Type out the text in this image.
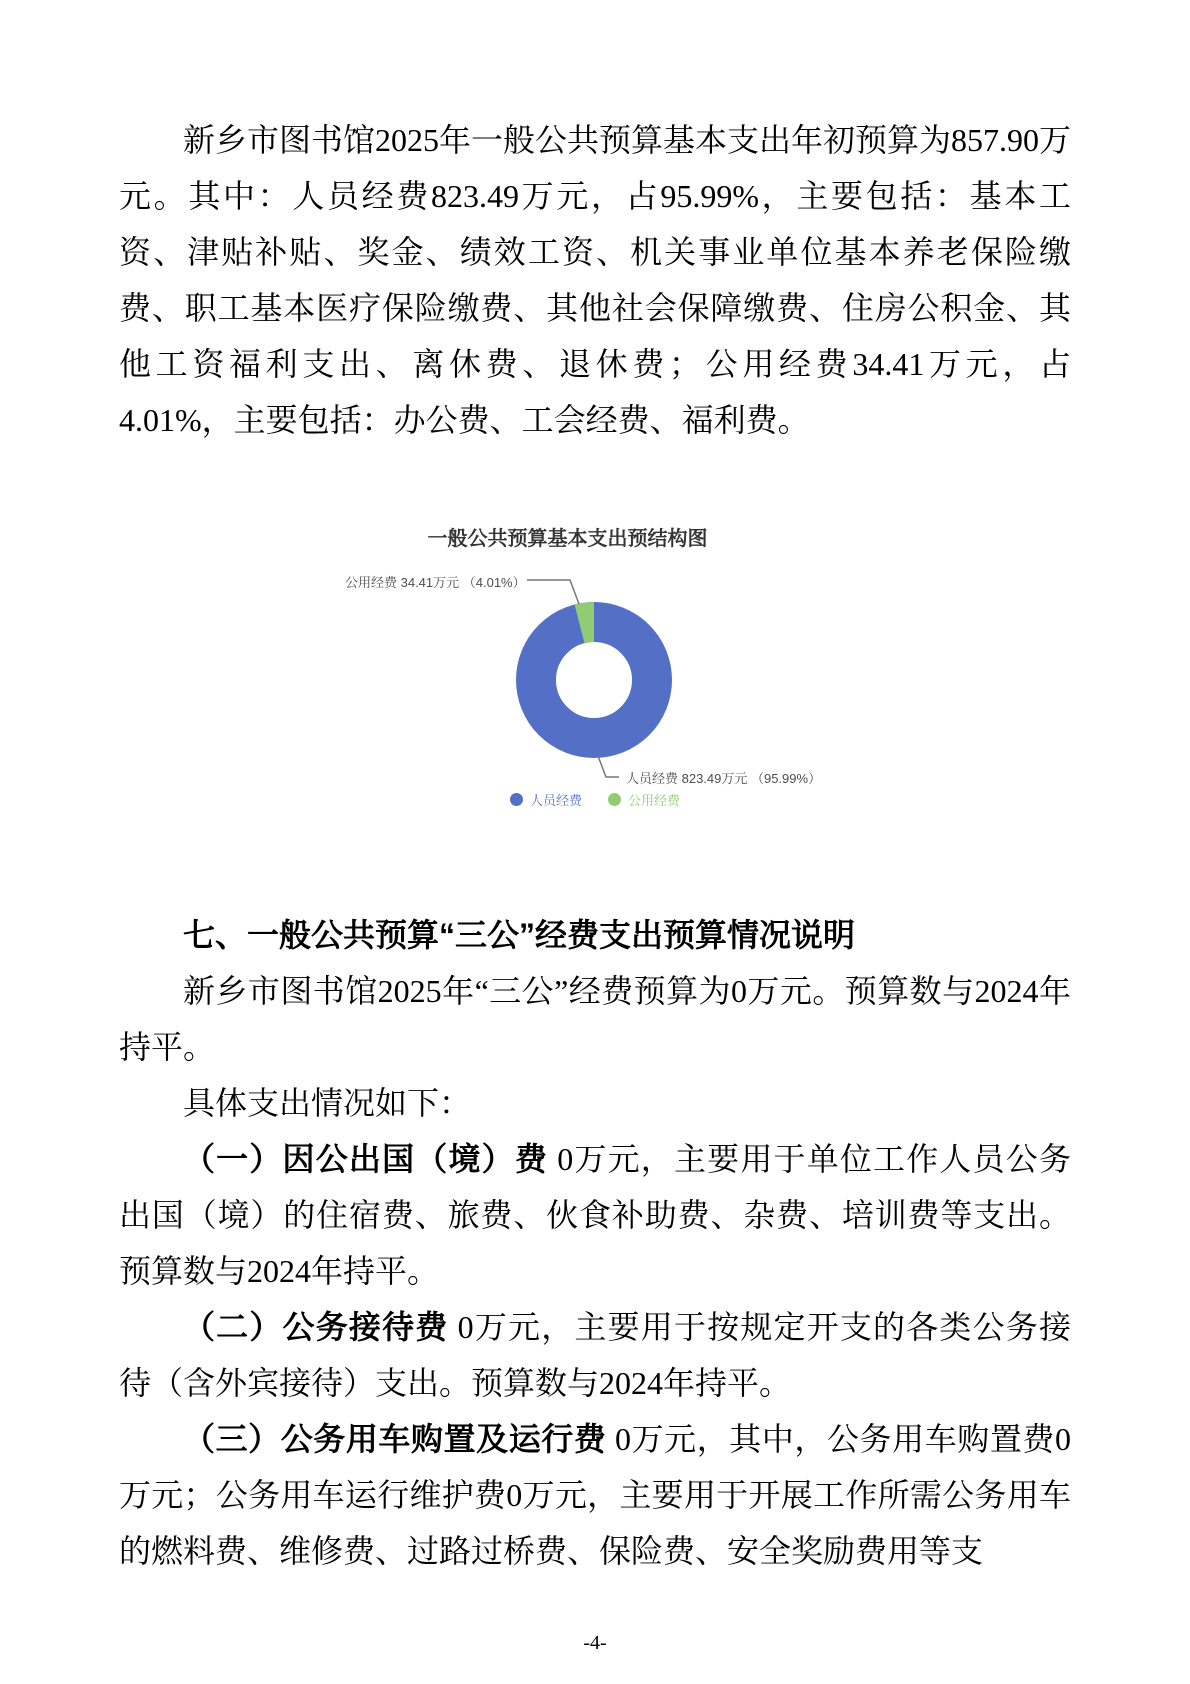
新乡市图书馆2025年一般公共预算基本支出年初预算为857.90万元。其中：人员经费823.49万元，占95.99%，主要包括：基本工资、津贴补贴、奖金、绩效工资、机关事业单位基本养老保险缴费、职工基本医疗保险缴费、其他社会保障缴费、住房公积金、其他工资福利支出、离休费、退休费；公用经费34.41万元，占4.01%，主要包括：办公费、工会经费、福利费。

一般公共预算基本支出预结构图
公用经费 34.41万元 （4.01%）
人员经费 823.49万元 （95.99%）
人员经费	公用经费
七、一般公共预算“三公”经费支出预算情况说明

新乡市图书馆2025年“三公”经费预算为0万元。预算数与2024年持平。

具体支出情况如下：

（一）因公出国（境）费 0万元，主要用于单位工作人员公务出国（境）的住宿费、旅费、伙食补助费、杂费、培训费等支出。预算数与2024年持平。

（二）公务接待费 0万元，主要用于按规定开支的各类公务接待（含外宾接待）支出。预算数与2024年持平。

（三）公务用车购置及运行费 0万元，其中，公务用车购置费0万元；公务用车运行维护费0万元，主要用于开展工作所需公务用车的燃料费、维修费、过路过桥费、保险费、安全奖励费用等支

-4-
